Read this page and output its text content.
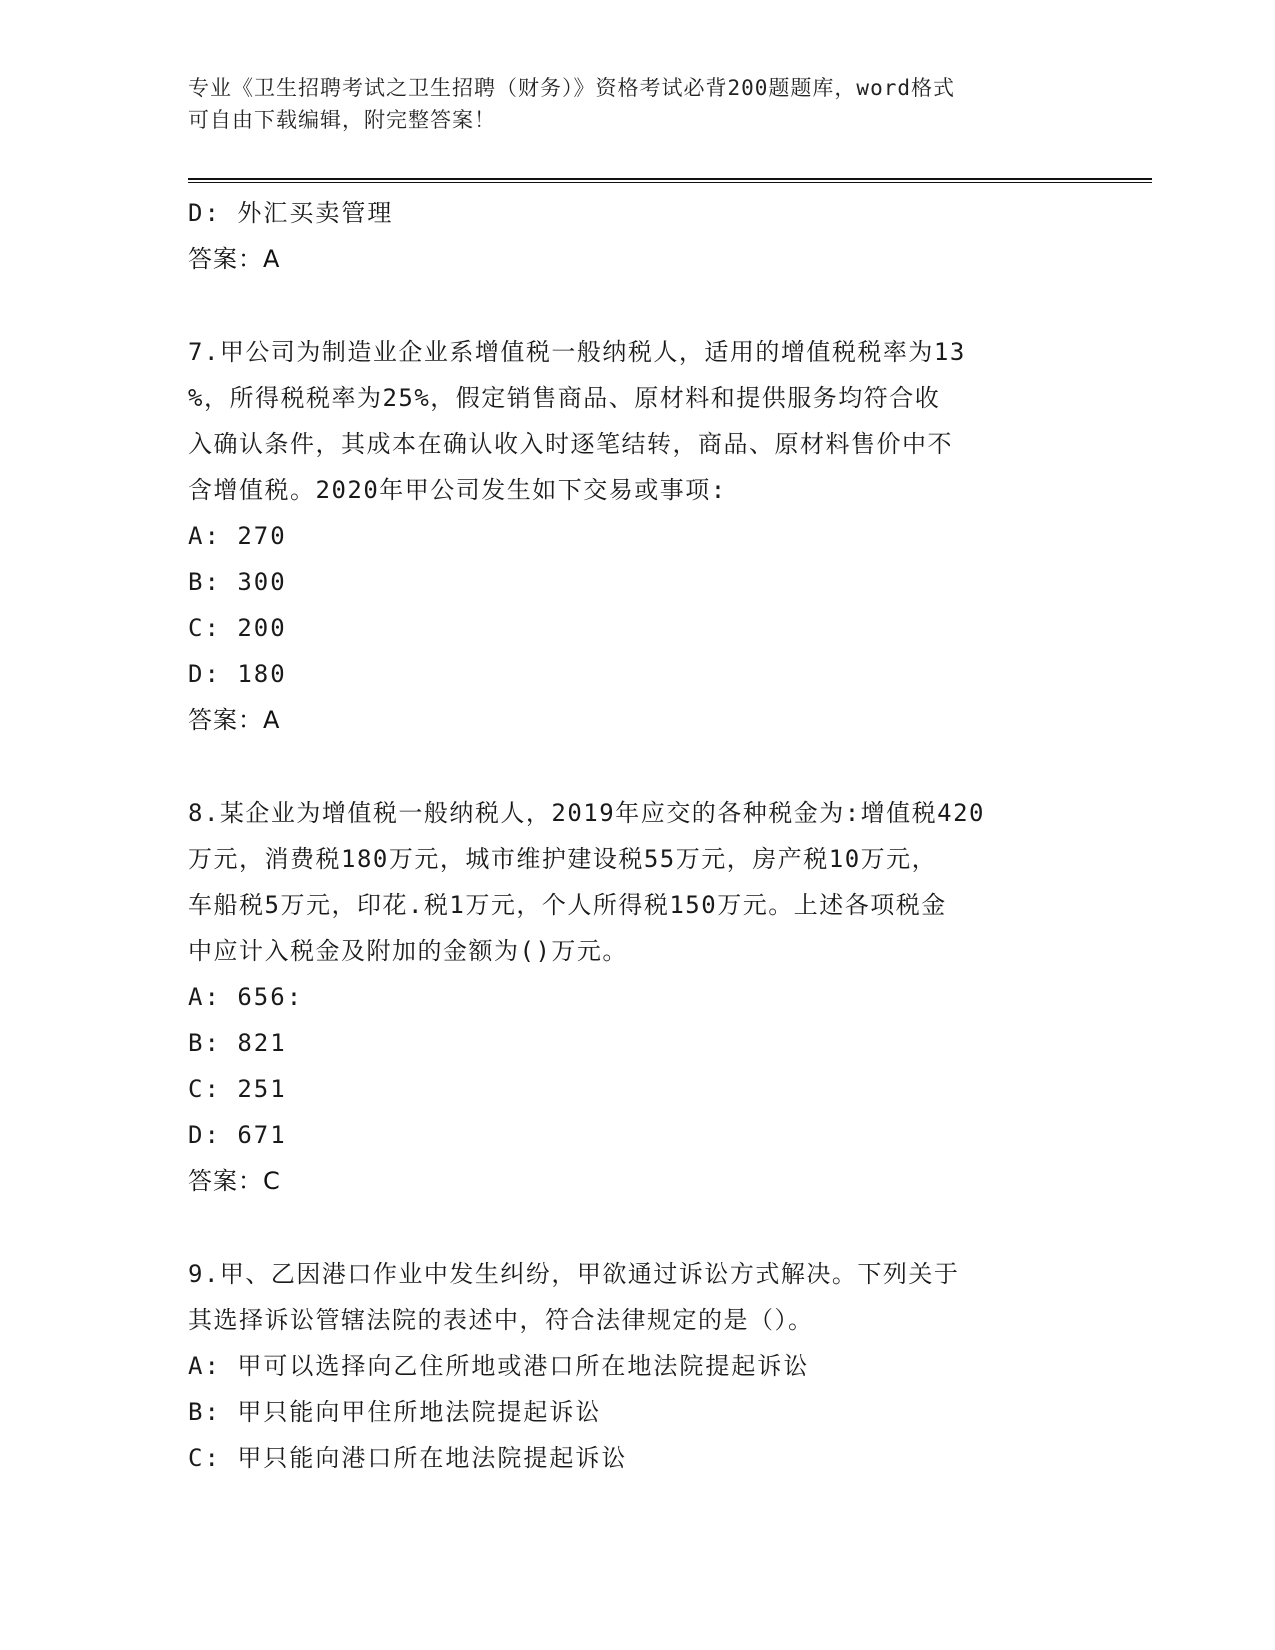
专业《卫生招聘考试之卫生招聘（财务）》资格考试必背200题题库，word格式
可自由下载编辑，附完整答案！
D: 外汇买卖管理
答案：A
7.甲公司为制造业企业系增值税一般纳税人，适用的增值税税率为13
%，所得税税率为25%，假定销售商品、原材料和提供服务均符合收
入确认条件，其成本在确认收入时逐笔结转，商品、原材料售价中不
含增值税。2020年甲公司发生如下交易或事项:
A: 270
B: 300
C: 200
D: 180
答案：A
8.某企业为增值税一般纳税人，2019年应交的各种税金为:增值税420
万元，消费税180万元，城市维护建设税55万元，房产税10万元，
车船税5万元，印花.税1万元，个人所得税150万元。上述各项税金
中应计入税金及附加的金额为()万元。
A: 656:
B: 821
C: 251
D: 671
答案：C
9.甲、乙因港口作业中发生纠纷，甲欲通过诉讼方式解决。下列关于
其选择诉讼管辖法院的表述中，符合法律规定的是（）。
A: 甲可以选择向乙住所地或港口所在地法院提起诉讼
B: 甲只能向甲住所地法院提起诉讼
C: 甲只能向港口所在地法院提起诉讼
